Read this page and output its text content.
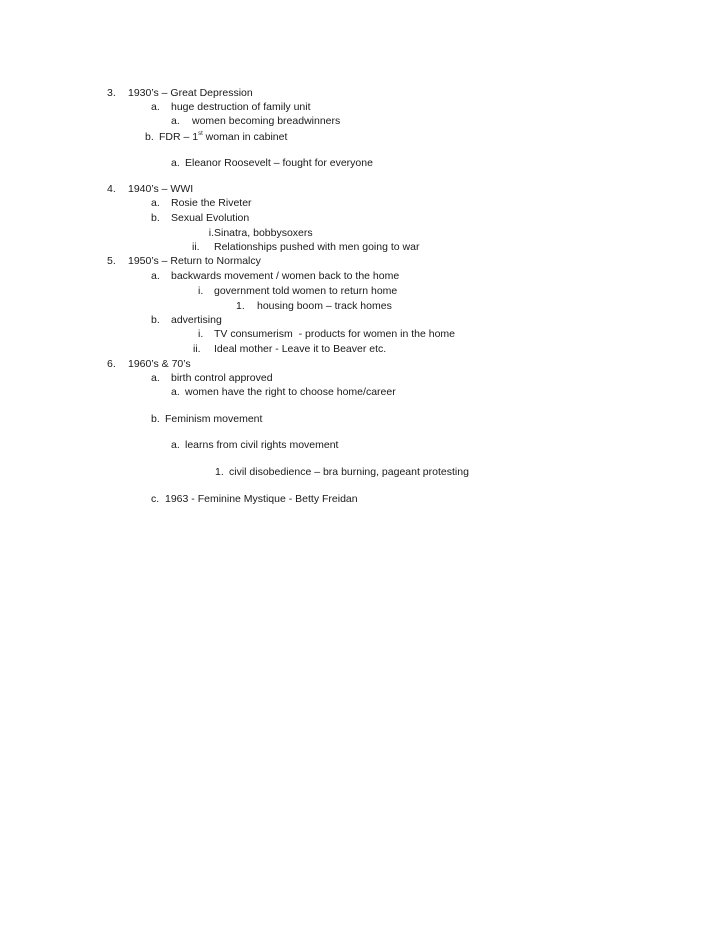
3. 1930’s – Great Depression
a. huge destruction of family unit
a. women becoming breadwinners
b. FDR – 1st woman in cabinet
a. Eleanor Roosevelt – fought for everyone
4. 1940’s – WWI
a. Rosie the Riveter
b. Sexual Evolution
i.Sinatra, bobbysoxers
ii. Relationships pushed with men going to war
5. 1950’s – Return to Normalcy
a. backwards movement / women back to the home
i. government told women to return home
1. housing boom – track homes
b. advertising
i. TV consumerism  - products for women in the home
ii. Ideal mother - Leave it to Beaver etc.
6. 1960’s & 70’s
a. birth control approved
a. women have the right to choose home/career
b. Feminism movement
a. learns from civil rights movement
1. civil disobedience – bra burning, pageant protesting
c. 1963 - Feminine Mystique - Betty Freidan
